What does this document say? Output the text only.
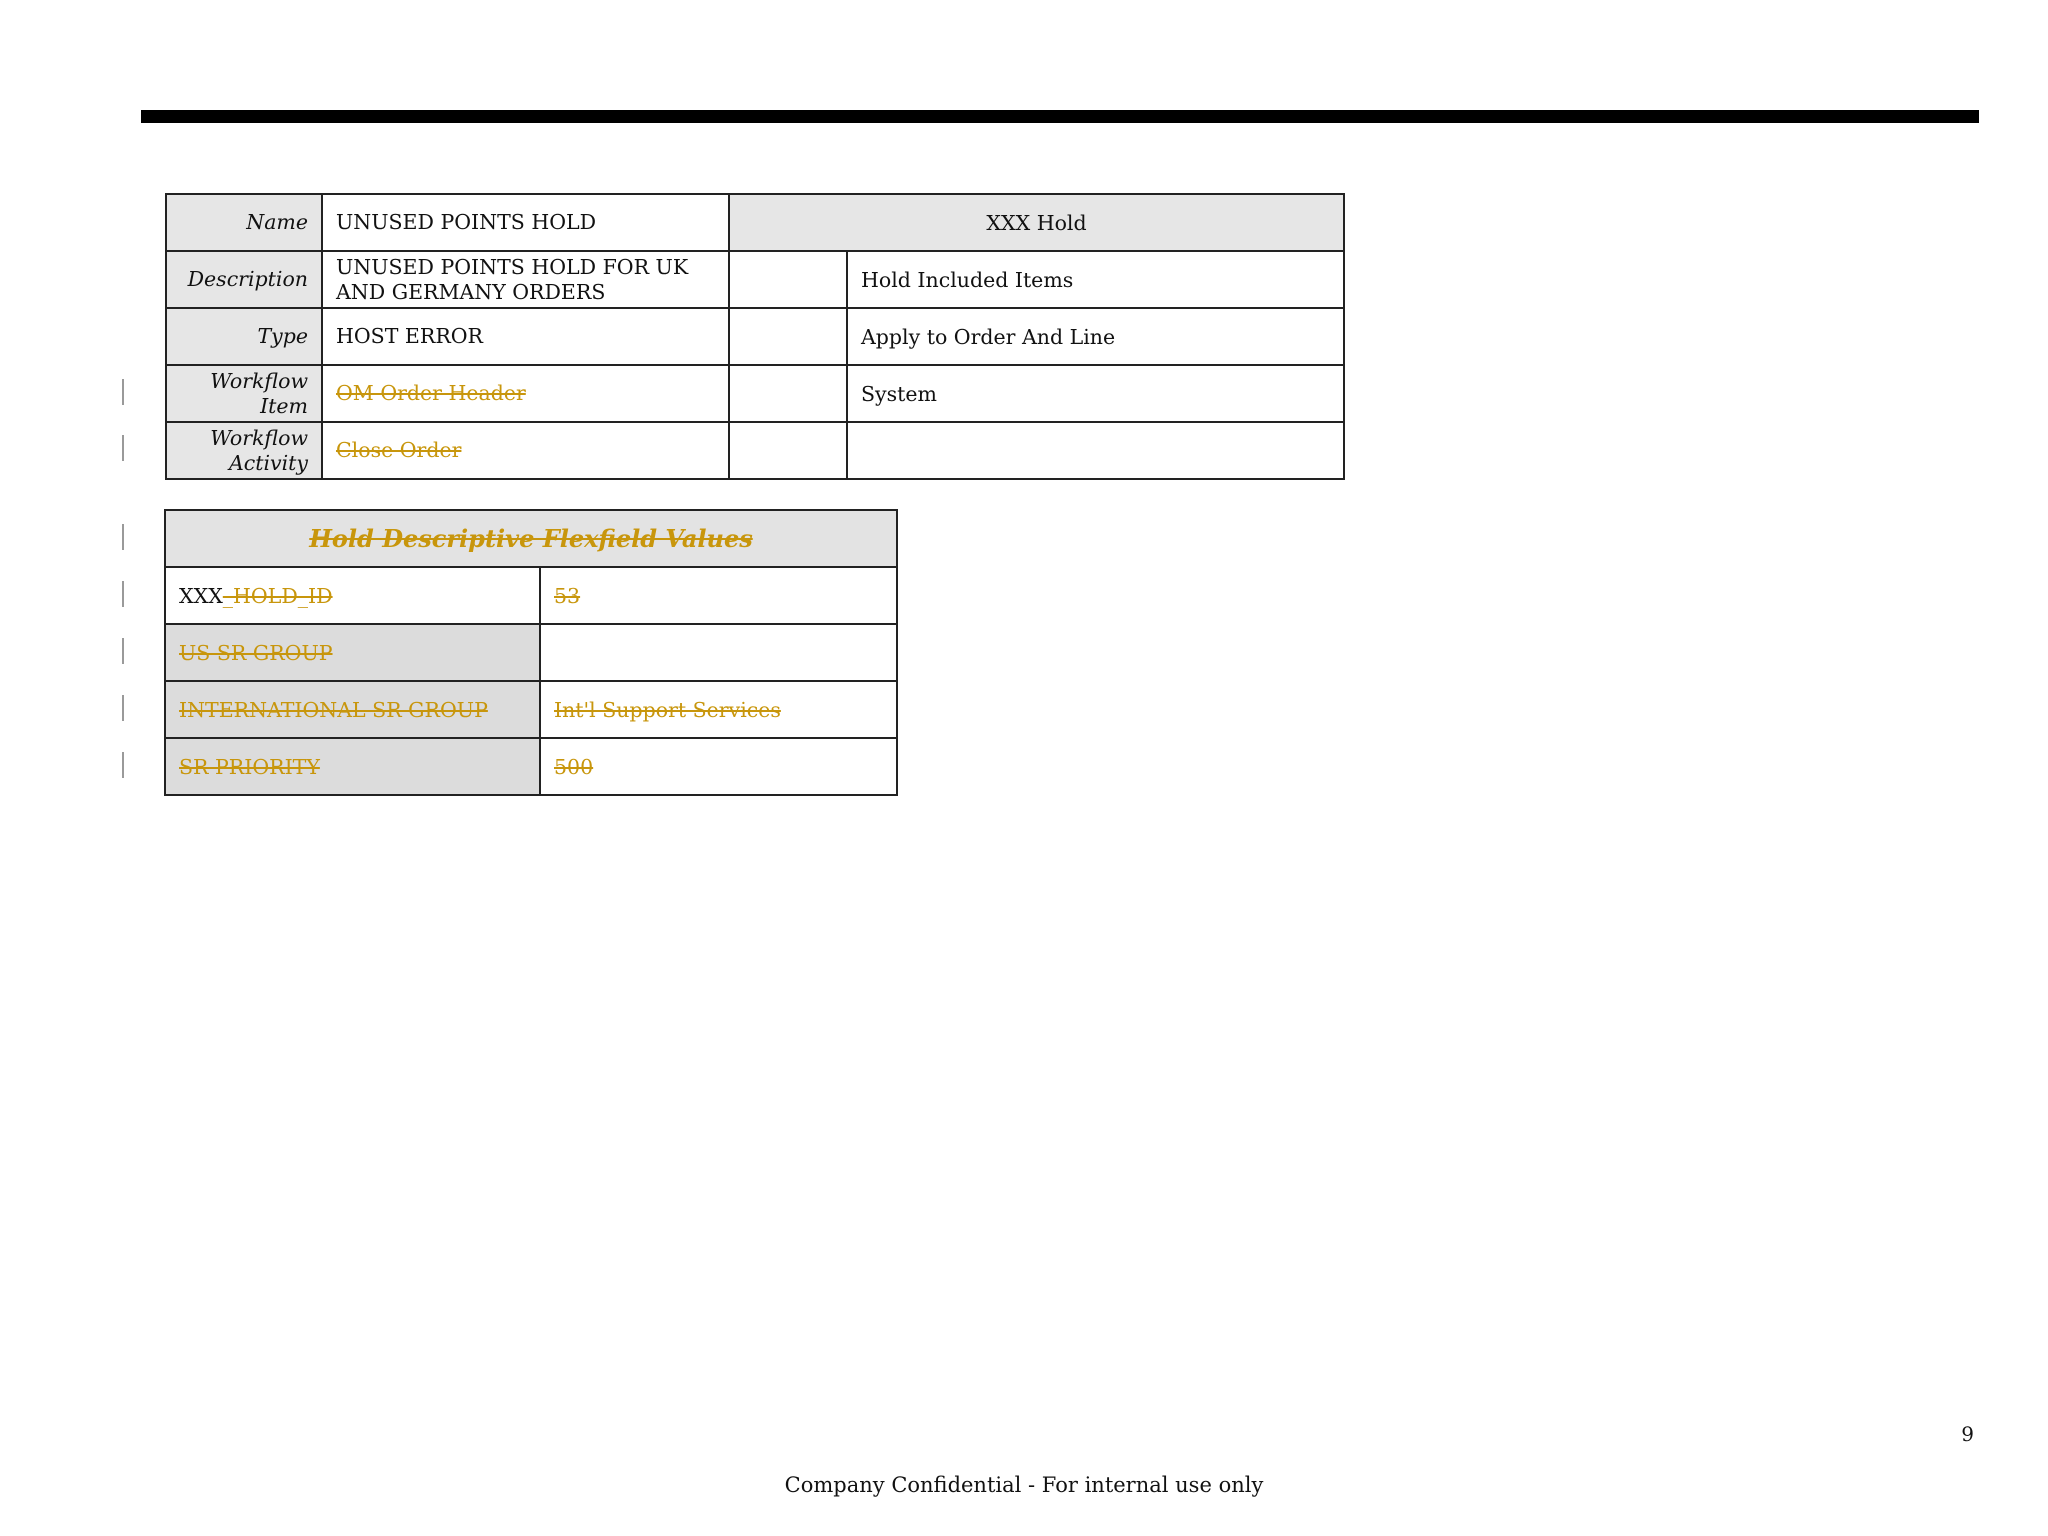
Name	UNUSED POINTS HOLD	XXX Hold	
Description	UNUSED POINTS HOLD FOR UK AND GERMANY ORDERS		Hold Included Items
Type	HOST ERROR		Apply to Order And Line
Workflow Item	OM Order Header		System
Workflow Activity	Close Order		
Hold Descriptive Flexfield Values	
XXX_HOLD_ID	53
US SR GROUP	
INTERNATIONAL SR GROUP	Int'l Support Services
SR PRIORITY	500
9
Company Confidential - For internal use only
